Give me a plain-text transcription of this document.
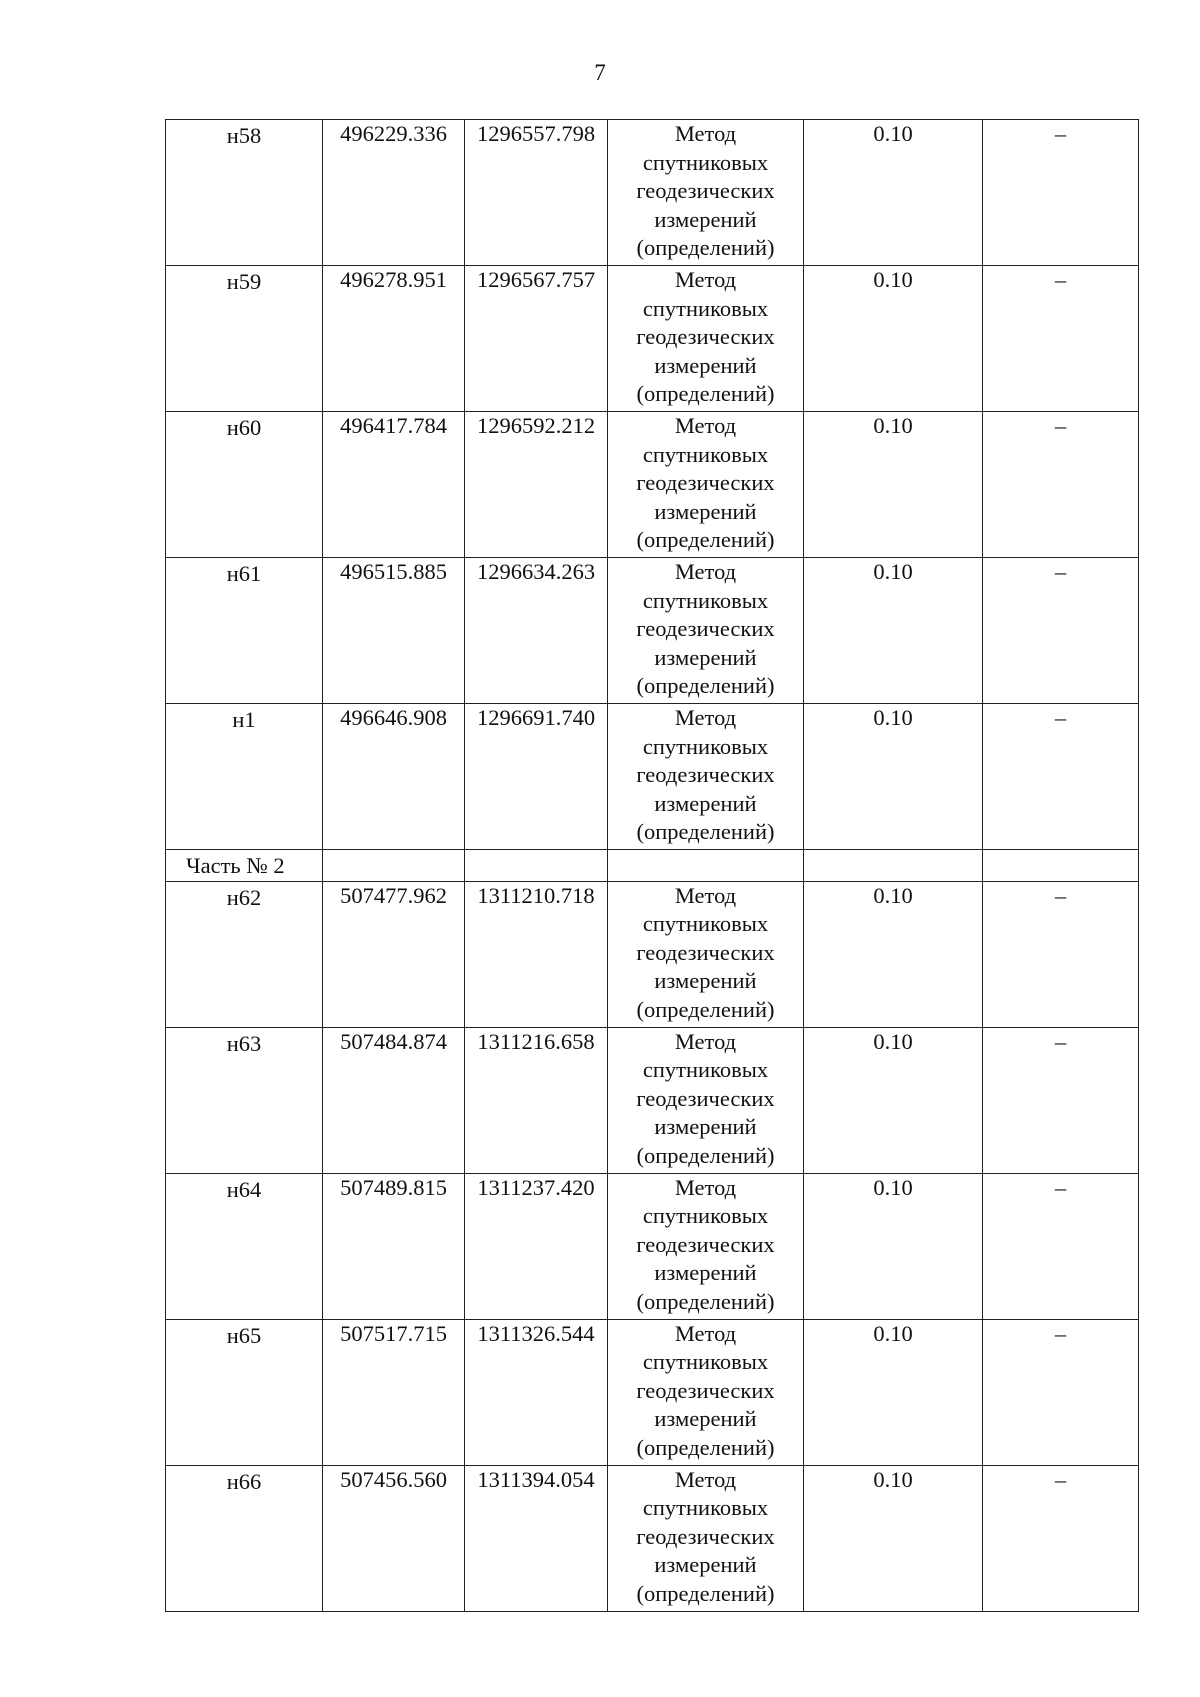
7
н58	496229.336	1296557.798	Метод
спутниковых
геодезических
измерений
(определений)	0.10	–
н59	496278.951	1296567.757	Метод
спутниковых
геодезических
измерений
(определений)	0.10	–
н60	496417.784	1296592.212	Метод
спутниковых
геодезических
измерений
(определений)	0.10	–
н61	496515.885	1296634.263	Метод
спутниковых
геодезических
измерений
(определений)	0.10	–
н1	496646.908	1296691.740	Метод
спутниковых
геодезических
измерений
(определений)	0.10	–
Часть № 2					
н62	507477.962	1311210.718	Метод
спутниковых
геодезических
измерений
(определений)	0.10	–
н63	507484.874	1311216.658	Метод
спутниковых
геодезических
измерений
(определений)	0.10	–
н64	507489.815	1311237.420	Метод
спутниковых
геодезических
измерений
(определений)	0.10	–
н65	507517.715	1311326.544	Метод
спутниковых
геодезических
измерений
(определений)	0.10	–
н66	507456.560	1311394.054	Метод
спутниковых
геодезических
измерений
(определений)	0.10	–
